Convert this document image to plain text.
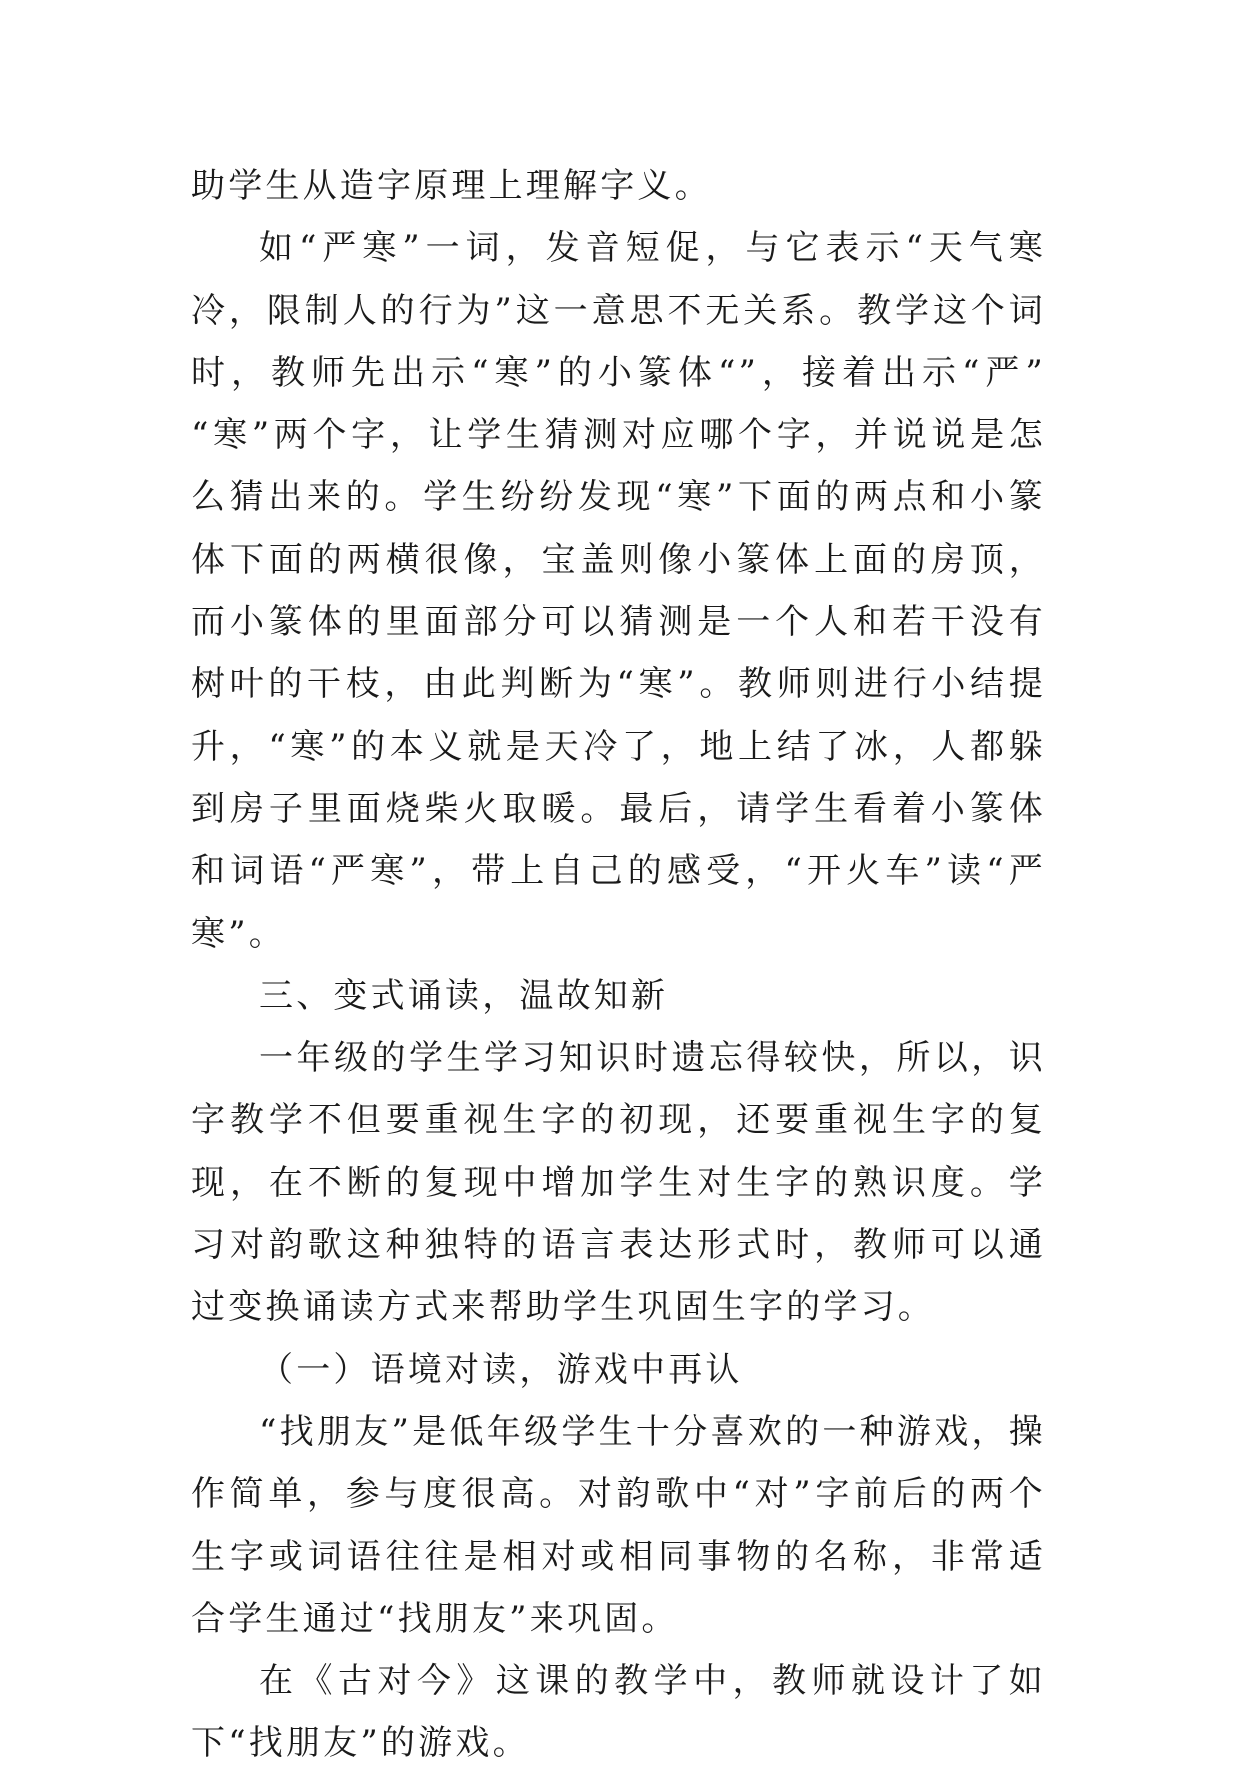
助学生从造字原理上理解字义。

如“严寒”一词，发音短促，与它表示“天气寒冷，限制人的行为”这一意思不无关系。教学这个词时，教师先出示“寒”的小篆体“”，接着出示“严” “寒”两个字，让学生猜测对应哪个字，并说说是怎么猜出来的。学生纷纷发现“寒”下面的两点和小篆体下面的两横很像，宝盖则像小篆体上面的房顶，而小篆体的里面部分可以猜测是一个人和若干没有树叶的干枝，由此判断为“寒”。教师则进行小结提升，“寒”的本义就是天冷了，地上结了冰，人都躲到房子里面烧柴火取暖。最后，请学生看着小篆体和词语“严寒”，带上自己的感受，“开火车”读“严寒”。

三、变式诵读，温故知新

一年级的学生学习知识时遗忘得较快，所以，识字教学不但要重视生字的初现，还要重视生字的复现，在不断的复现中增加学生对生字的熟识度。学习对韵歌这种独特的语言表达形式时，教师可以通过变换诵读方式来帮助学生巩固生字的学习。

（一）语境对读，游戏中再认

“找朋友”是低年级学生十分喜欢的一种游戏，操作简单，参与度很高。对韵歌中“对”字前后的两个生字或词语往往是相对或相同事物的名称，非常适合学生通过“找朋友”来巩固。

在《古对今》这课的教学中，教师就设计了如下“找朋友”的游戏。
